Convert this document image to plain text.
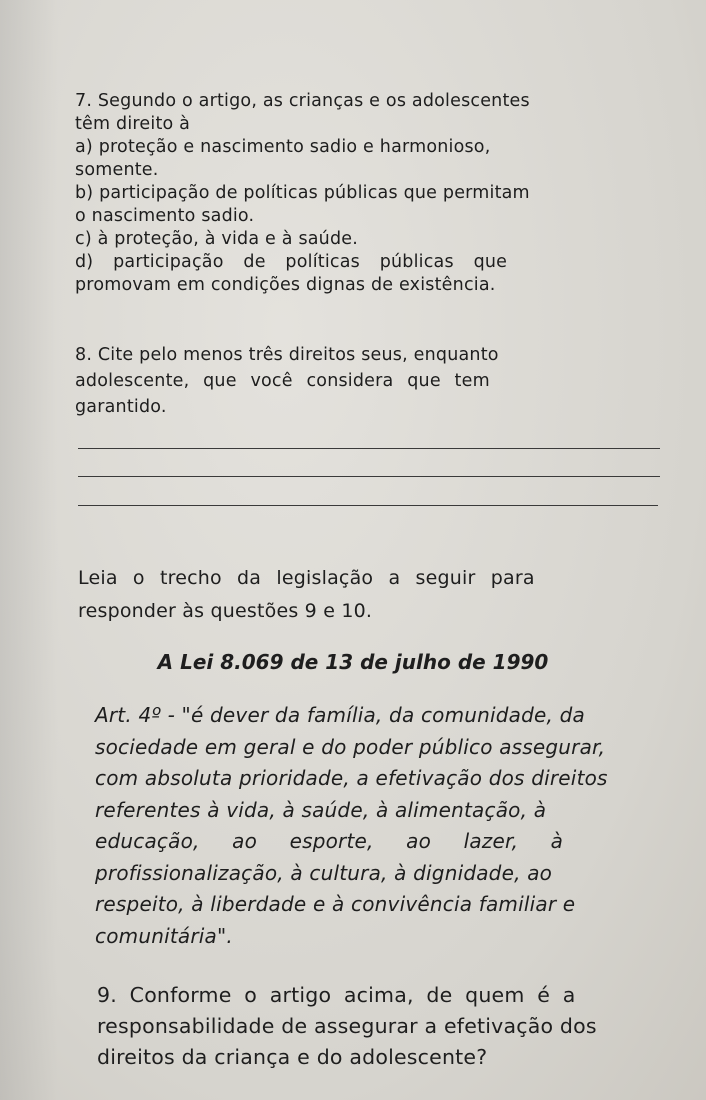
7. Segundo o artigo, as crianças e os adolescentes
têm direito à
a) proteção e nascimento sadio e harmonioso,
somente.
b) participação de políticas públicas que permitam
o nascimento sadio.
c) à proteção, à vida e à saúde.
d) participação de políticas públicas que
promovam em condições dignas de existência.
8. Cite pelo menos três direitos seus, enquanto
adolescente, que você considera que tem
garantido.
Leia o trecho da legislação a seguir para
responder às questões 9 e 10.
A Lei 8.069 de 13 de julho de 1990
Art. 4º - "é dever da família, da comunidade, da
sociedade em geral e do poder público assegurar,
com absoluta prioridade, a efetivação dos direitos
referentes à vida, à saúde, à alimentação, à
educação, ao esporte, ao lazer, à
profissionalização, à cultura, à dignidade, ao
respeito, à liberdade e à convivência familiar e
comunitária".
9. Conforme o artigo acima, de quem é a
responsabilidade de assegurar a efetivação dos
direitos da criança e do adolescente?
